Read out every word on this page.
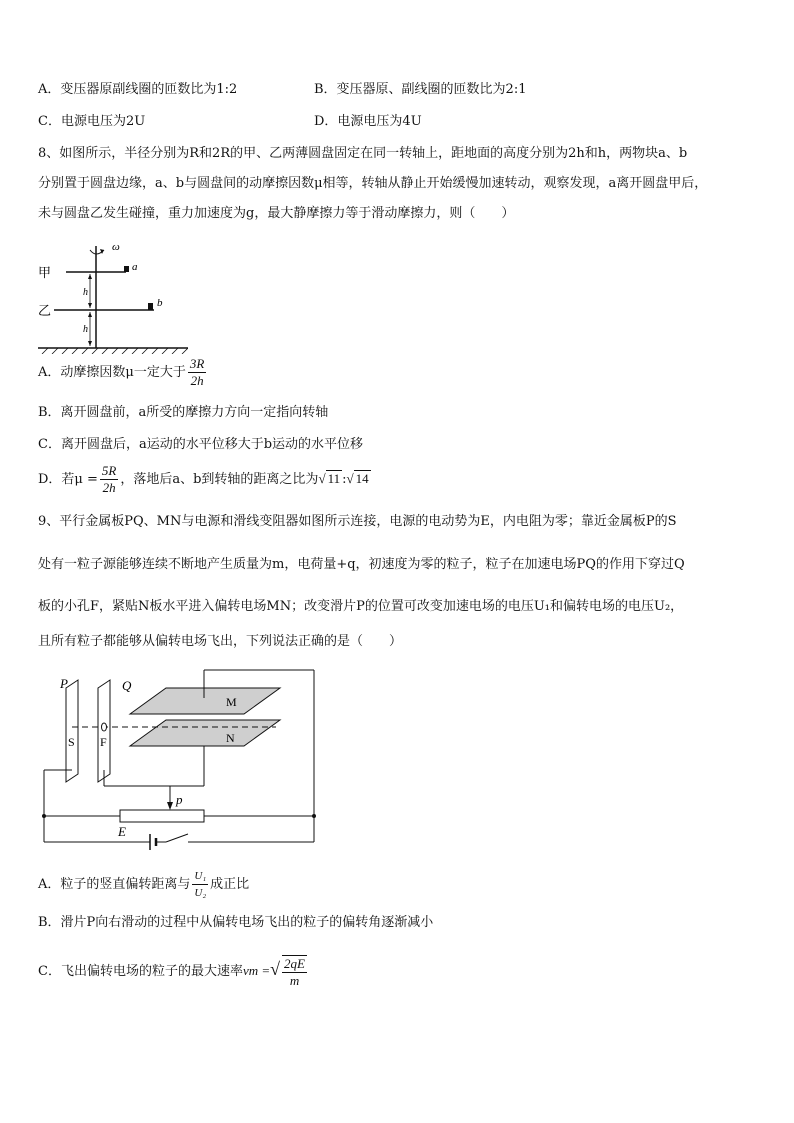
A．变压器原副线圈的匝数比为1:2	B．变压器原、副线圈的匝数比为2:1
C．电源电压为2U	D．电源电压为4U
8、如图所示，半径分别为R和2R的甲、乙两薄圆盘固定在同一转轴上，距地面的高度分别为2h和h，两物块a、b
分别置于圆盘边缘，a、b与圆盘间的动摩擦因数μ相等，转轴从静止开始缓慢加速转动，观察发现，a离开圆盘甲后，
未与圆盘乙发生碰撞，重力加速度为g，最大静摩擦力等于滑动摩擦力，则（　　）
ω
a
甲
b
乙
h
h
A．动摩擦因数μ一定大于 $\frac{3R}{2h}$
B．离开圆盘前，a所受的摩擦力方向一定指向转轴
C．离开圆盘后，a运动的水平位移大于b运动的水平位移
D．若$\mu = \frac{5R}{2h}$ ，落地后a、b到转轴的距离之比为√ 11 :√ 14
9、平行金属板PQ、MN与电源和滑线变阻器如图所示连接，电源的电动势为E，内电阻为零；靠近金属板P的S
处有一粒子源能够连续不断地产生质量为m，电荷量+q，初速度为零的粒子，粒子在加速电场PQ的作用下穿过Q
板的小孔F，紧贴N板水平进入偏转电场MN；改变滑片P的位置可改变加速电场的电压U₁和偏转电场的电压U₂，
且所有粒子都能够从偏转电场飞出，下列说法正确的是（　　）
P
S
Q
F
M
N
p
E
A．粒子的竖直偏转距离与 $\frac{\text{U₁}}{\text{U₂}}$ 成正比
B．滑片P向右滑动的过程中从偏转电场飞出的粒子的偏转角逐渐减小
C．飞出偏转电场的粒子的最大速率vm =√ $\frac{2qE}{m}$
